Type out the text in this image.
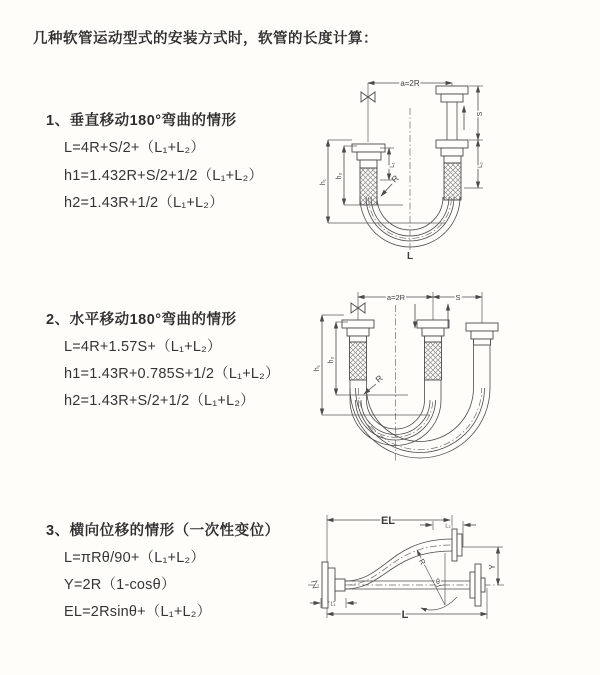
几种软管运动型式的安装方式时，软管的长度计算：
1、垂直移动180°弯曲的情形
L=4R+S/2+（L₁+L₂）
h1=1.432R+S/2+1/2（L₁+L₂）
h2=1.43R+1/2（L₁+L₂）
2、水平移动180°弯曲的情形
L=4R+1.57S+（L₁+L₂）
h1=1.43R+0.785S+1/2（L₁+L₂）
h2=1.43R+S/2+1/2（L₁+L₂）
3、横向位移的情形（一次性变位）
L=πRθ/90+（L₁+L₂）
Y=2R（1-cosθ）
EL=2Rsinθ+（L₁+L₂）
a=2R
h₁
h₂
L₁
S
L₂
R
L
a=2R	S
h₁
h₂
R
EL	L₂
Y
θ
R
L₁
L
